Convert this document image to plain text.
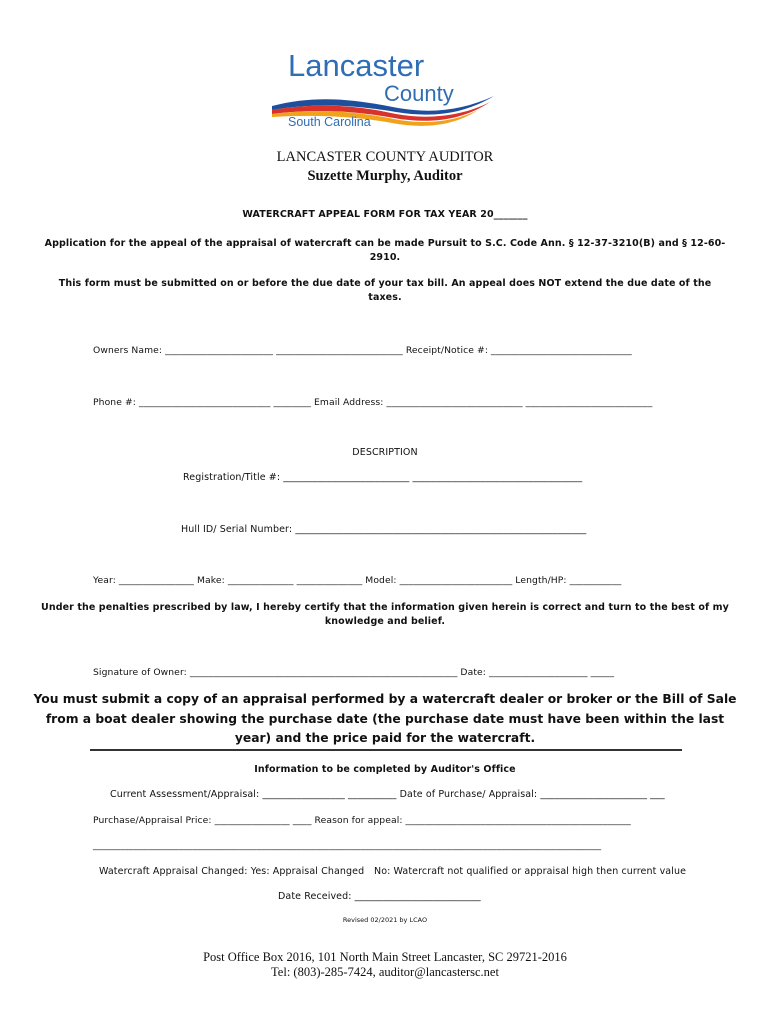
Lancaster
County
South Carolina
LANCASTER COUNTY AUDITOR
Suzette Murphy, Auditor
WATERCRAFT APPEAL FORM FOR TAX YEAR 20_______
Application for the appeal of the appraisal of watercraft can be made Pursuit to S.C. Code Ann. § 12-37-3210(B) and § 12-60-
2910.
This form must be submitted on or before the due date of your tax bill. An appeal does NOT extend the due date of the
taxes.
Owners Name: _______________________ ___________________________ Receipt/Notice #: ______________________________
Phone #: ____________________________ ________ Email Address: _____________________________ ___________________________
DESCRIPTION
Registration/Title #: __________________________ ___________________________________
Hull ID/ Serial Number: ____________________________________________________________
Year: ________________ Make: ______________ ______________ Model: ________________________ Length/HP: ___________
Under the penalties prescribed by law, I hereby certify that the information given herein is correct and turn to the best of my
knowledge and belief.
Signature of Owner: _________________________________________________________ Date: _____________________ _____
You must submit a copy of an appraisal performed by a watercraft dealer or broker or the Bill of Sale
from a boat dealer showing the purchase date (the purchase date must have been within the last
year) and the price paid for the watercraft.
Information to be completed by Auditor's Office
Current Assessment/Appraisal: _________________ __________ Date of Purchase/ Appraisal: ______________________ ___
Purchase/Appraisal Price: ________________ ____ Reason for appeal: ________________________________________________
________________________________________________________________________________________________________________
Watercraft Appraisal Changed: Yes: Appraisal Changed No: Watercraft not qualified or appraisal high then current value
Date Received: __________________________
Revised 02/2021 by LCAO
Post Office Box 2016, 101 North Main Street Lancaster, SC 29721-2016
Tel: (803)-285-7424, auditor@lancastersc.net
